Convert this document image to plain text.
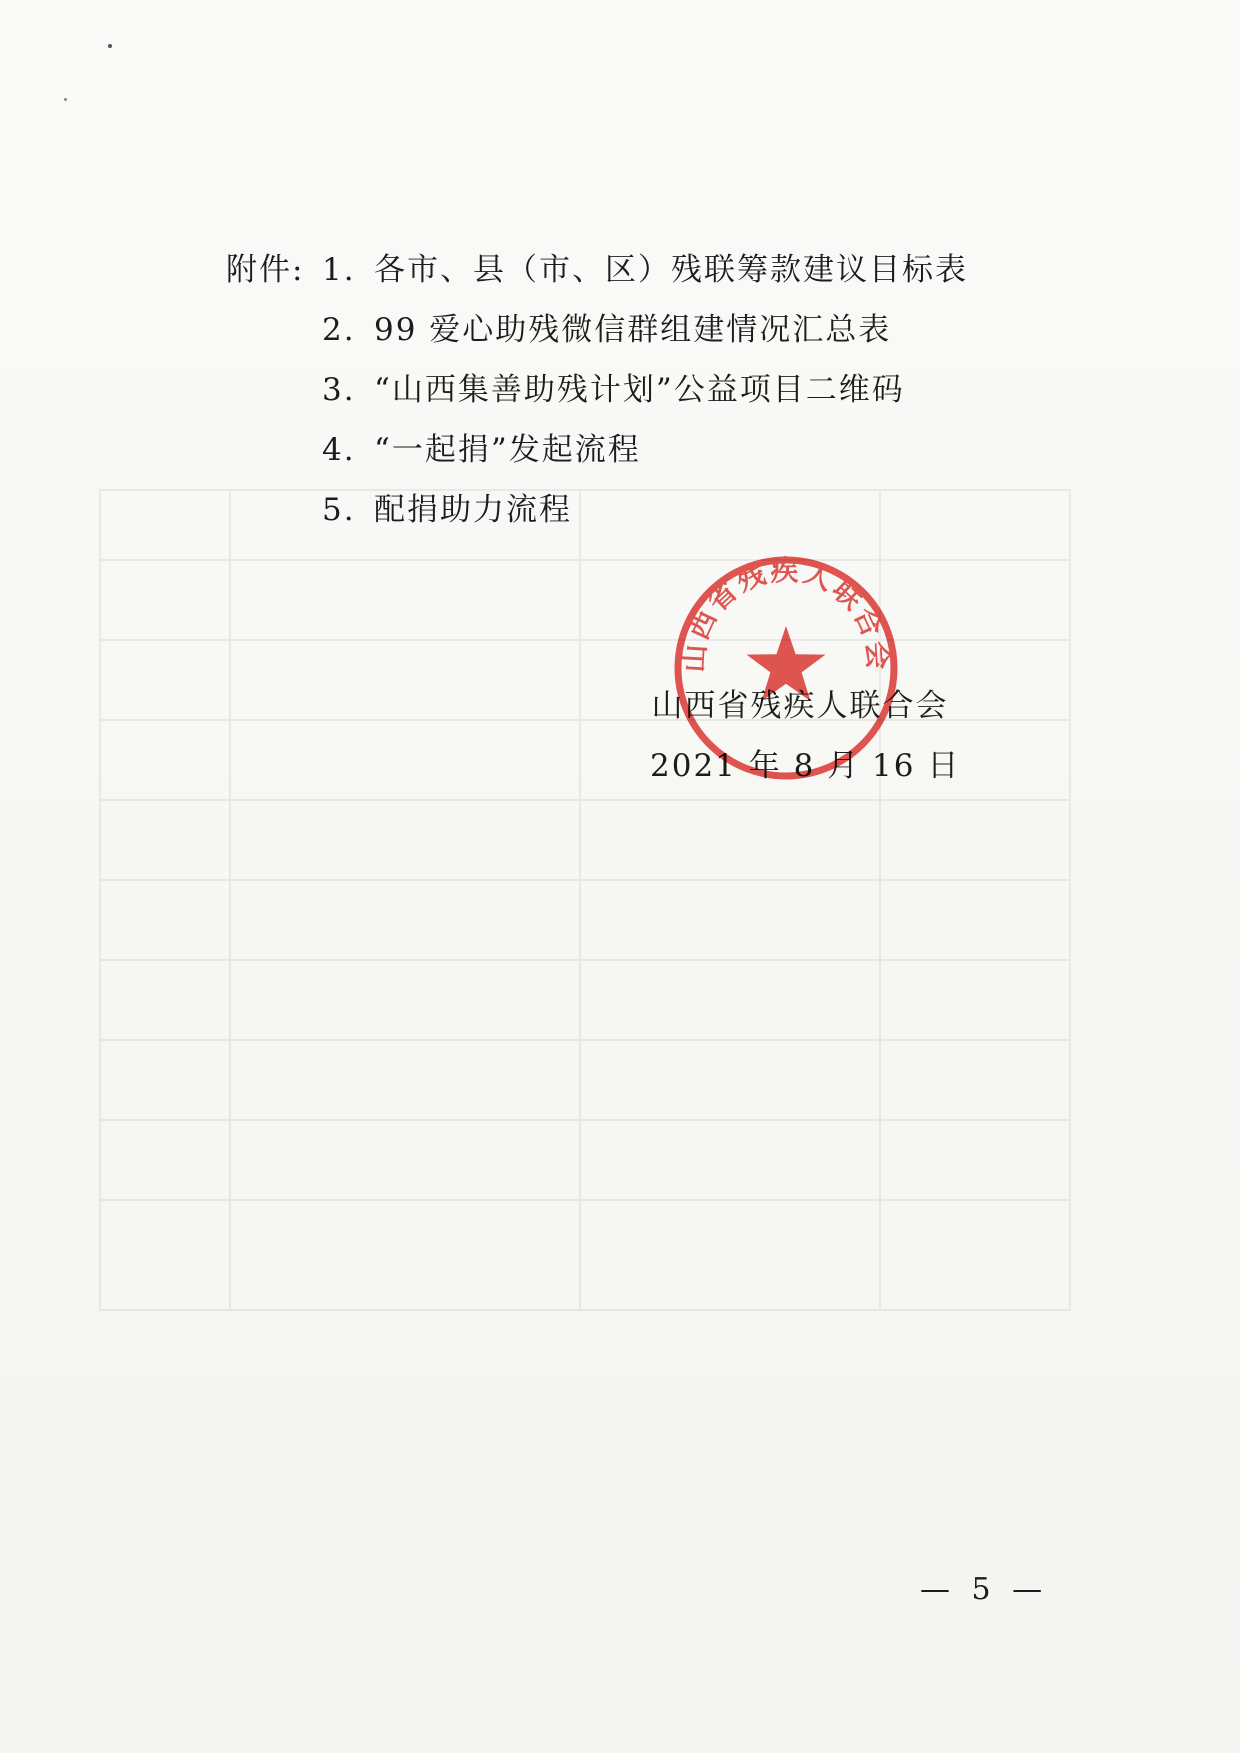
附件: 1. 各市、县（市、区）残联筹款建议目标表
2. 99 爱心助残微信群组建情况汇总表
3. “山西集善助残计划”公益项目二维码
4. “一起捐”发起流程
5. 配捐助力流程
山西省残疾人联合会
山西省残疾人联合会
2021 年 8 月 16 日
— 5 —
